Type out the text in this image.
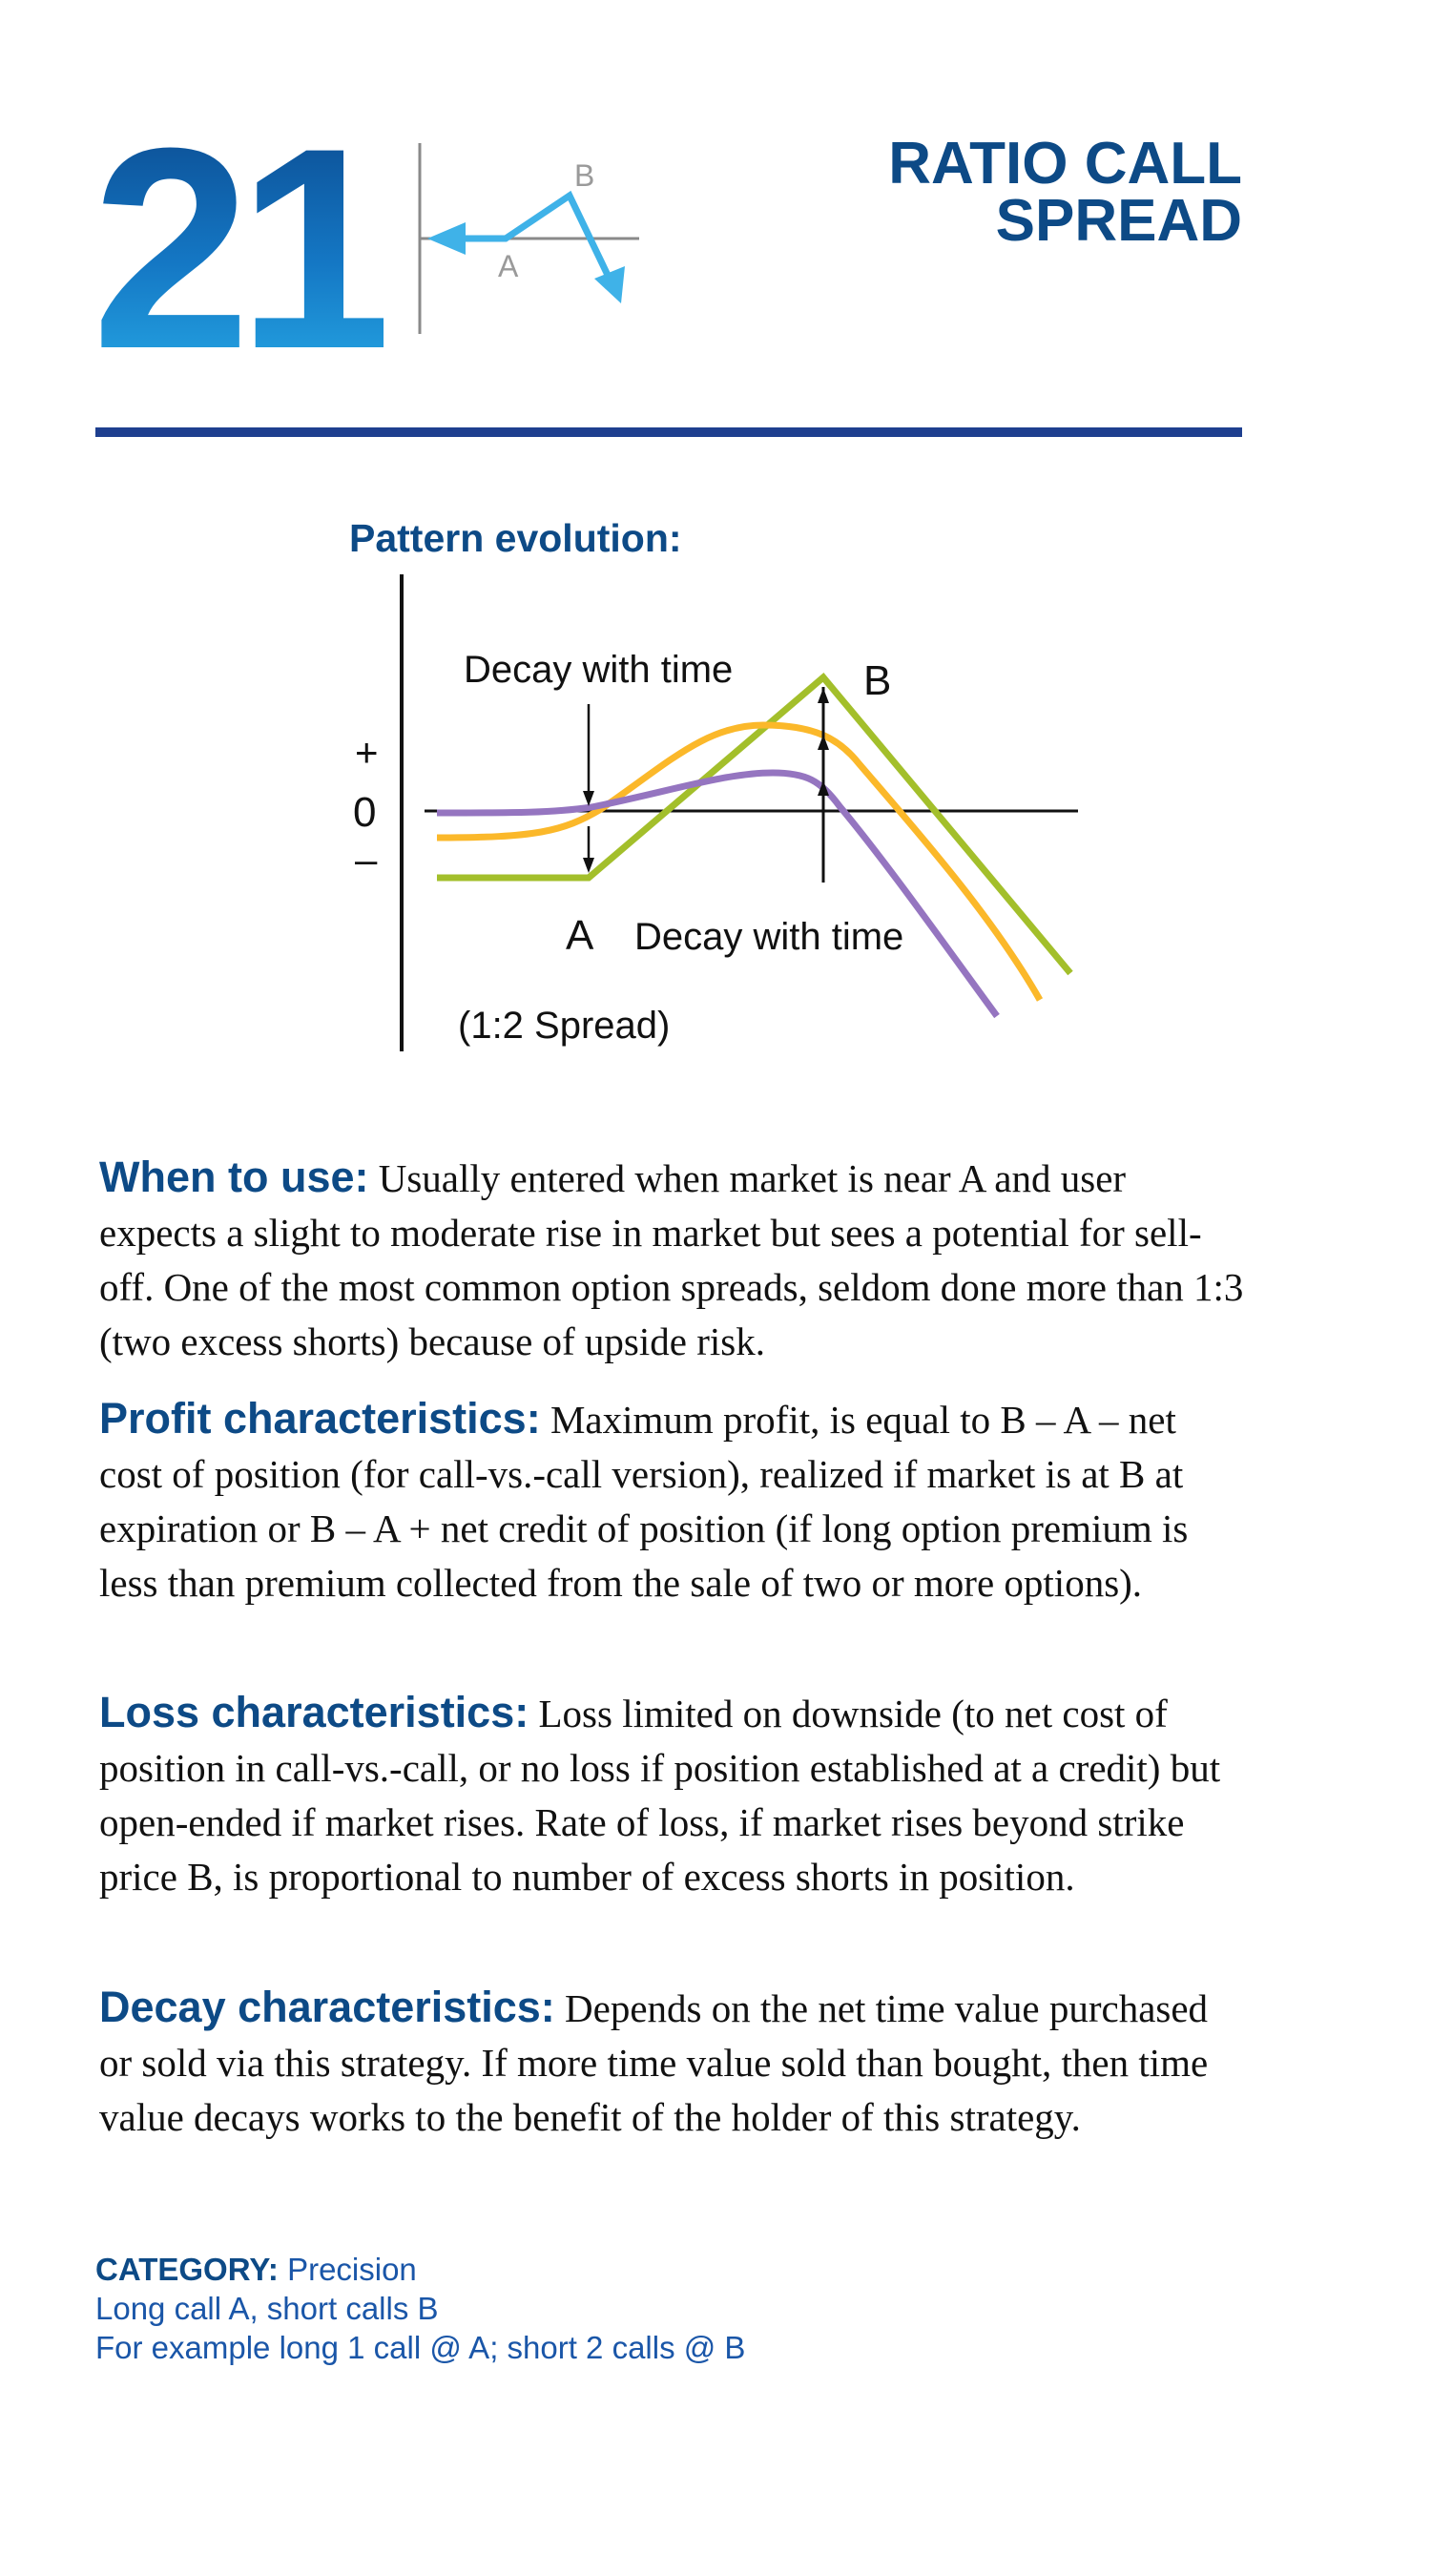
21	B
A
RATIO CALL
SPREAD
Pattern evolution:
+
0
–
Decay with time	B
A Decay with time
(1:2 Spread)
When to use: Usually entered when market is near A and user expects a slight to moderate rise in market but sees a potential for sell-off. One of the most common option spreads, seldom done more than 1:3 (two excess shorts) because of upside risk.
Profit characteristics: Maximum profit, is equal to B – A – net cost of position (for call-vs.-call version), realized if market is at B at expiration or B – A + net credit of position (if long option premium is less than premium collected from the sale of two or more options).
Loss characteristics: Loss limited on downside (to net cost of position in call-vs.-call, or no loss if position established at a credit) but open-ended if market rises. Rate of loss, if market rises beyond strike price B, is proportional to number of excess shorts in position.
Decay characteristics: Depends on the net time value purchased or sold via this strategy. If more time value sold than bought, then time value decays works to the benefit of the holder of this strategy.
CATEGORY: Precision
Long call A, short calls B
For example long 1 call @ A; short 2 calls @ B
